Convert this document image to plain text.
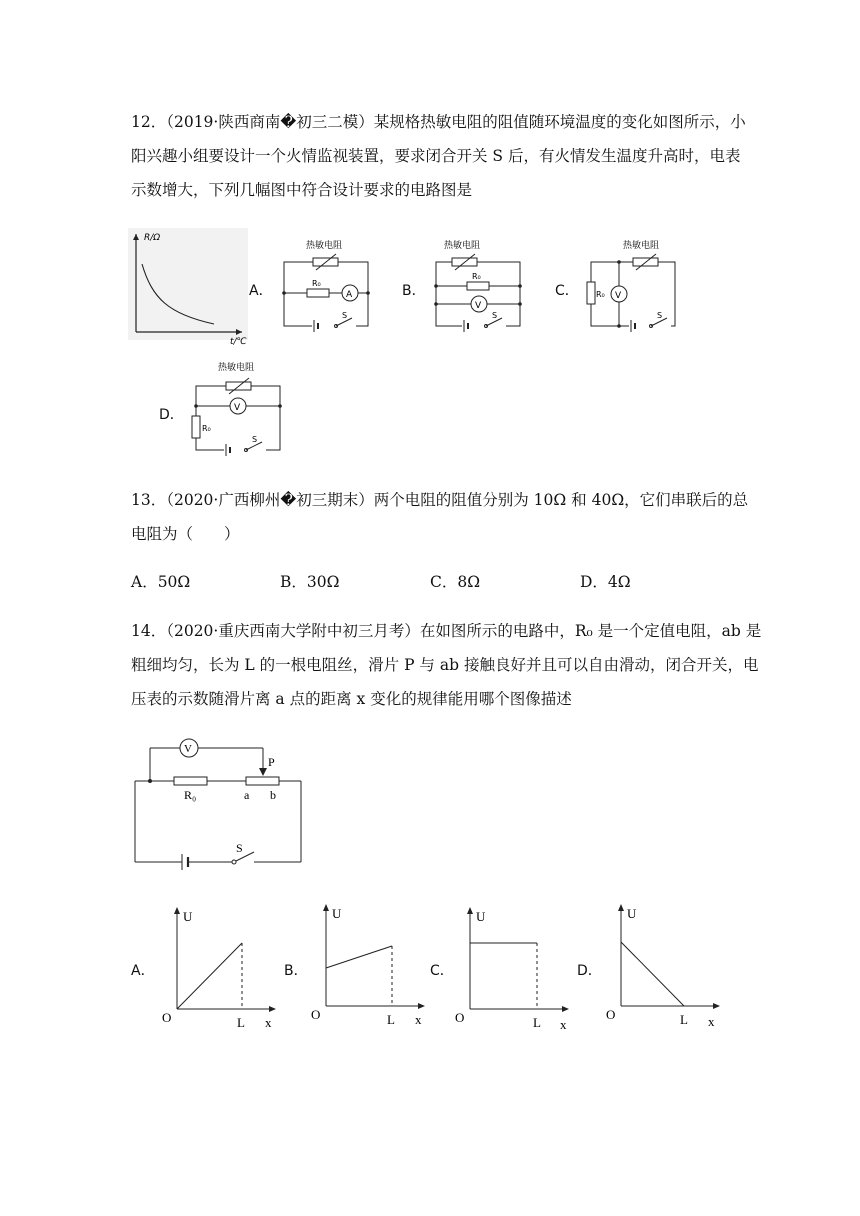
12．（2019·陕西商南�初三二模）某规格热敏电阻的阻值随环境温度的变化如图所示，小
阳兴趣小组要设计一个火情监视装置，要求闭合开关 S 后，有火情发生温度升高时，电表
示数增大，下列几幅图中符合设计要求的电路图是
R/Ω
t/℃
A．	B．	C．
D．
热敏电阻
R₀
A
S
热敏电阻
R₀
V
S
热敏电阻
R₀ V
S
热敏电阻
V
R₀
S
13．（2020·广西柳州�初三期末）两个电阻的阻值分别为 10Ω 和 40Ω，它们串联后的总
电阻为（　　）
A．50Ω	B．30Ω	C．8Ω	D．4Ω
14．（2020·重庆西南大学附中初三月考）在如图所示的电路中，R₀ 是一个定值电阻，ab 是
粗细均匀，长为 L 的一根电阻丝，滑片 P 与 ab 接触良好并且可以自由滑动，闭合开关，电
压表的示数随滑片离 a 点的距离 x 变化的规律能用哪个图像描述
V
P
R₀	a b
S
A．	B．	C．	D．
U
O	L x
U
O	L x
U
O	L x
U
O	L x
